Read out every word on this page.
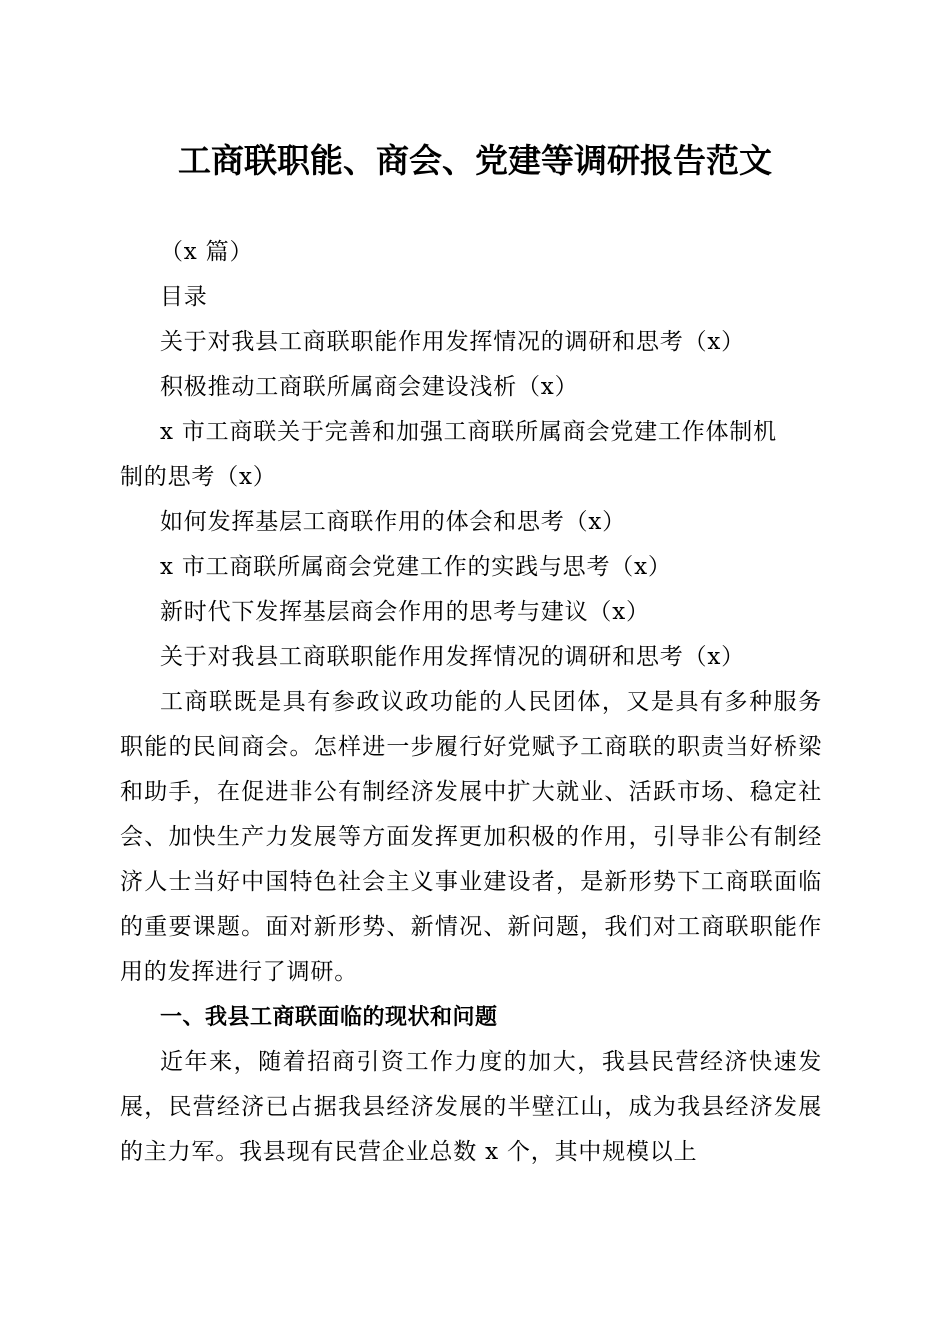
工商联职能、商会、党建等调研报告范文
（x 篇）
目录
关于对我县工商联职能作用发挥情况的调研和思考（x）
积极推动工商联所属商会建设浅析（x）
x 市工商联关于完善和加强工商联所属商会党建工作体制机
制的思考（x）
如何发挥基层工商联作用的体会和思考（x）
x 市工商联所属商会党建工作的实践与思考（x）
新时代下发挥基层商会作用的思考与建议（x）
关于对我县工商联职能作用发挥情况的调研和思考（x）

工商联既是具有参政议政功能的人民团体，又是具有多种服务职能的民间商会。怎样进一步履行好党赋予工商联的职责当好桥梁和助手，在促进非公有制经济发展中扩大就业、活跃市场、稳定社会、加快生产力发展等方面发挥更加积极的作用，引导非公有制经济人士当好中国特色社会主义事业建设者，是新形势下工商联面临的重要课题。面对新形势、新情况、新问题，我们对工商联职能作用的发挥进行了调研。

一、我县工商联面临的现状和问题

近年来，随着招商引资工作力度的加大，我县民营经济快速发展，民营经济已占据我县经济发展的半壁江山，成为我县经济发展的主力军。我县现有民营企业总数 x 个，其中规模以上
